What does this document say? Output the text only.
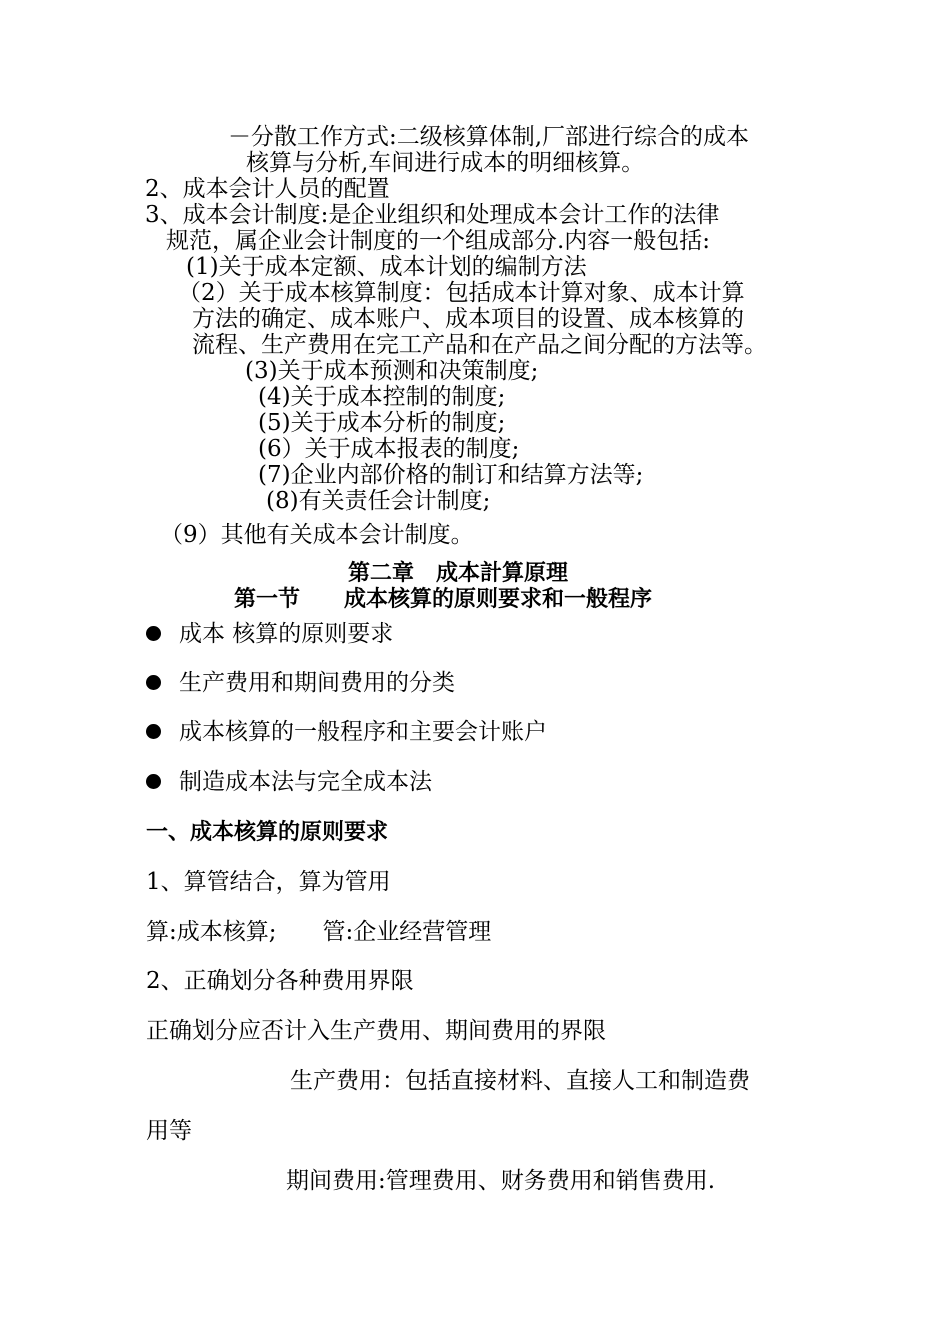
－分散工作方式:二级核算体制,厂部进行综合的成本
核算与分析,车间进行成本的明细核算。
2、成本会计人员的配置
3、成本会计制度:是企业组织和处理成本会计工作的法律
规范，属企业会计制度的一个组成部分.内容一般包括:
(1)关于成本定额、成本计划的编制方法
（2）关于成本核算制度：包括成本计算对象、成本计算
方法的确定、成本账户、成本项目的设置、成本核算的
流程、生产费用在完工产品和在产品之间分配的方法等。
(3)关于成本预测和决策制度;
(4)关于成本控制的制度;
(5)关于成本分析的制度;
(6）关于成本报表的制度;
(7)企业内部价格的制订和结算方法等;
(8)有关责任会计制度;
（9）其他有关成本会计制度。
第二章　成本計算原理
第一节　　成本核算的原则要求和一般程序
成本 核算的原则要求
生产费用和期间费用的分类
成本核算的一般程序和主要会计账户
制造成本法与完全成本法
一、成本核算的原则要求
1、算管结合，算为管用
算:成本核算;　　管:企业经营管理
2、正确划分各种费用界限
正确划分应否计入生产费用、期间费用的界限
生产费用：包括直接材料、直接人工和制造费
用等
期间费用:管理费用、财务费用和销售费用.
